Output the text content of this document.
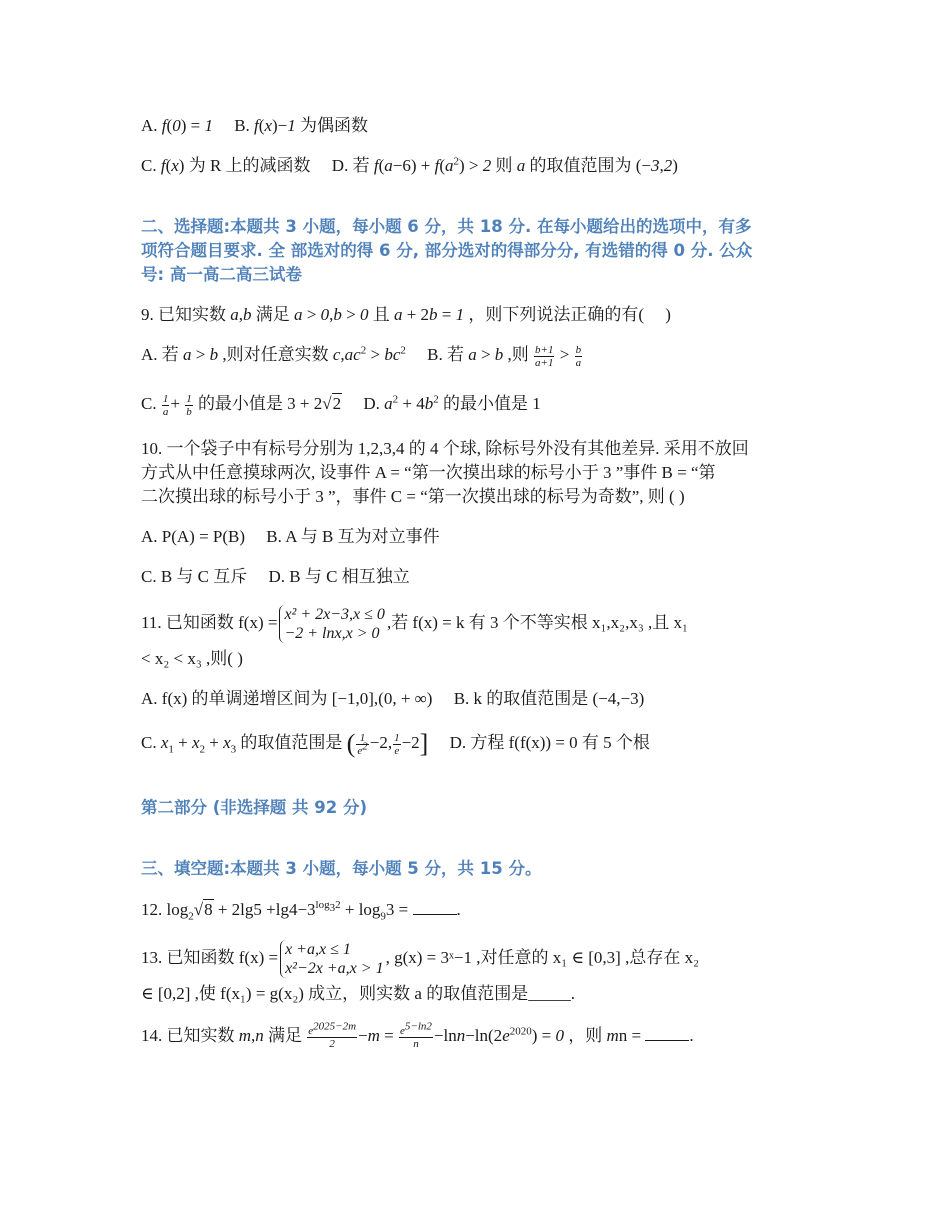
A. f(0) = 1     B. f(x)−1 为偶函数
C. f(x) 为 R 上的减函数     D. 若 $f(a-6) + f(a^2) > 2$ 则 a 的取值范围为 (−3,2)
二、选择题:本题共 3 小题，每小题 6 分，共 18 分. 在每小题给出的选项中，有多
项符合题目要求. 全 部选对的得 6 分, 部分选对的得部分分, 有选错的得 0 分. 公众
号: 高一高二高三试卷
9. 已知实数 a,b 满足 a > 0,b > 0 且 a + 2b = 1 ，则下列说法正确的有(     )
A. 若 a > b ,则对任意实数 $c,ac^2 > bc^2$     B. 若 a > b ,则 $\frac{b+1}{a+1} > \frac{b}{a}$
C. $\frac{1}{a} + \frac{1}{b}$ 的最小值是 3 + 2√2     D. $a^2 + 4b^2$ 的最小值是 1
10. 一个袋子中有标号分别为 1,2,3,4 的 4 个球, 除标号外没有其他差异. 采用不放回
方式从中任意摸球两次, 设事件 A = “第一次摸出球的标号小于 3 ”事件 B = “第
二次摸出球的标号小于 3 ”，事件 C = “第一次摸出球的标号为奇数”, 则 ( )
A. P(A) = P(B) B. A 与 B 互为对立事件
C. B 与 C 互斥 D. B 与 C 相互独立
11. 已知函数 f(x) = x² + 2x−3,x ≤ 0
−2 + lnx,x > 0,若 f(x) = k 有 3 个不等实根 x₁,x₂,x₃ ,且 x₁
< x₂ < x₃ ,则( )
A. f(x) 的单调递增区间为 [−1,0],(0, + ∞) B. k 的取值范围是 (−4,−3)
C. $x_1 + x_2 + x_3$ 的取值范围是 ( $\frac{1}{e^2} -2$, $\frac{1}{e} -2$] D. 方程 f(f(x)) = 0 有 5 个根
第二部分 (非选择题 共 92 分)
三、填空题:本题共 3 小题，每小题 5 分，共 15 分。
12. $\log_2√8 + 2\lg 5 +\lg 4-3^{log_32} + \log_93$ =	.
13. 已知函数 f(x) = x +a,x ≤ 1
x²−2x +a,x > 1, g(x) = 3ˣ−1 ,对任意的 x₁ ∈ [0,3] ,总存在 x₂
∈ [0,2] ,使 f(x₁) = g(x₂) 成立，则实数 a 的取值范围是_____.
14. 已知实数 m,n 满足 $\frac{e^{2025-2m}}{2} -m = \frac{e^{5-ln2}}{n} -\ln n-\ln(2e^{2020}) = 0$ ，则 mn =	.
